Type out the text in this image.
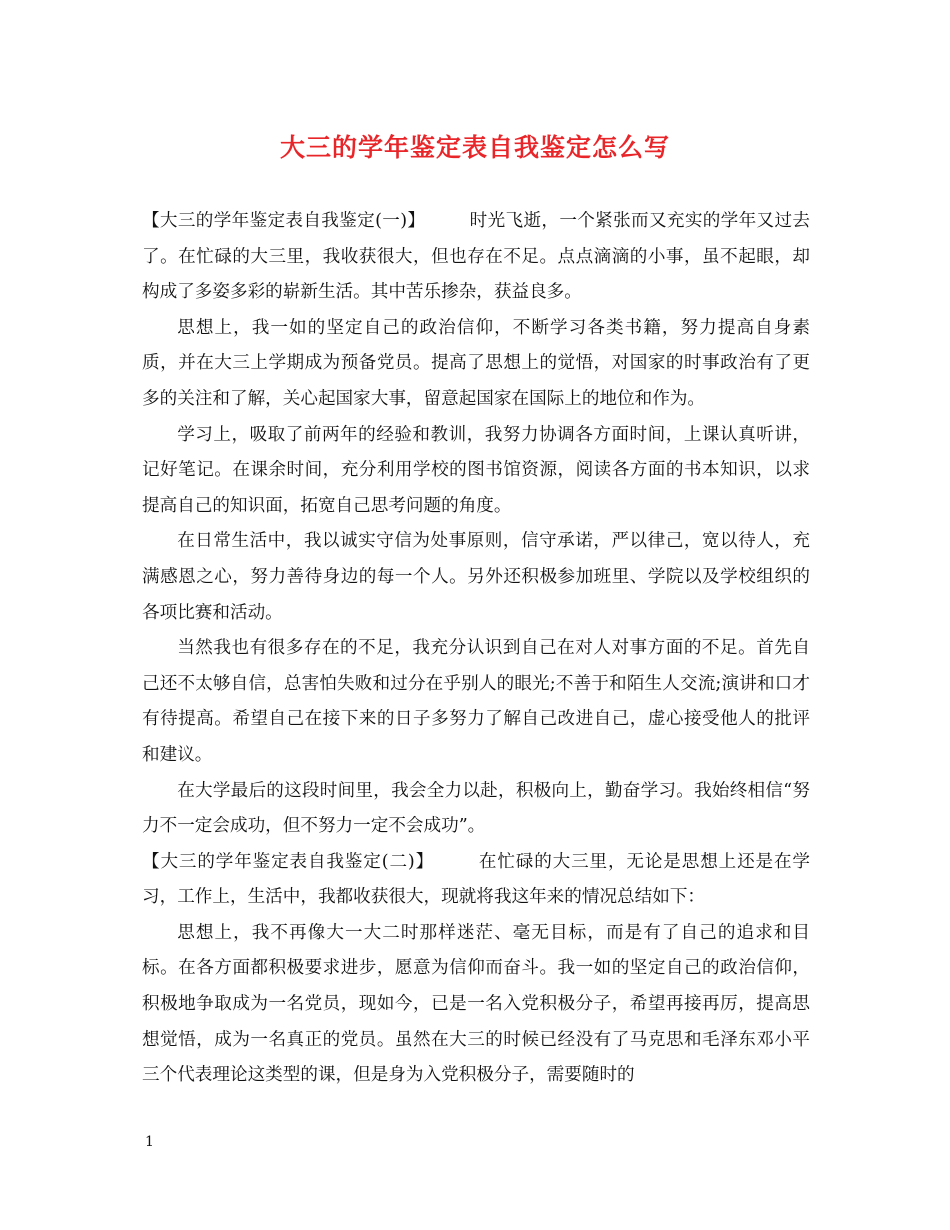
大三的学年鉴定表自我鉴定怎么写

【大三的学年鉴定表自我鉴定(一)】	时光飞逝，一个紧张而又充实的学年又过去了。在忙碌的大三里，我收获很大，但也存在不足。点点滴滴的小事，虽不起眼，却构成了多姿多彩的崭新生活。其中苦乐掺杂，获益良多。

思想上，我一如的坚定自己的政治信仰，不断学习各类书籍，努力提高自身素质，并在大三上学期成为预备党员。提高了思想上的觉悟，对国家的时事政治有了更多的关注和了解，关心起国家大事，留意起国家在国际上的地位和作为。

学习上，吸取了前两年的经验和教训，我努力协调各方面时间，上课认真听讲，记好笔记。在课余时间，充分利用学校的图书馆资源，阅读各方面的书本知识，以求提高自己的知识面，拓宽自己思考问题的角度。

在日常生活中，我以诚实守信为处事原则，信守承诺，严以律己，宽以待人，充满感恩之心，努力善待身边的每一个人。另外还积极参加班里、学院以及学校组织的各项比赛和活动。

当然我也有很多存在的不足，我充分认识到自己在对人对事方面的不足。首先自己还不太够自信，总害怕失败和过分在乎别人的眼光;不善于和陌生人交流;演讲和口才有待提高。希望自己在接下来的日子多努力了解自己改进自己，虚心接受他人的批评和建议。

在大学最后的这段时间里，我会全力以赴，积极向上，勤奋学习。我始终相信“努力不一定会成功，但不努力一定不会成功”。

【大三的学年鉴定表自我鉴定(二)】	在忙碌的大三里，无论是思想上还是在学习，工作上，生活中，我都收获很大，现就将我这年来的情况总结如下：

思想上，我不再像大一大二时那样迷茫、毫无目标，而是有了自己的追求和目标。在各方面都积极要求进步，愿意为信仰而奋斗。我一如的坚定自己的政治信仰，积极地争取成为一名党员，现如今，已是一名入党积极分子，希望再接再厉，提高思想觉悟，成为一名真正的党员。虽然在大三的时候已经没有了马克思和毛泽东邓小平三个代表理论这类型的课，但是身为入党积极分子，需要随时的

1
